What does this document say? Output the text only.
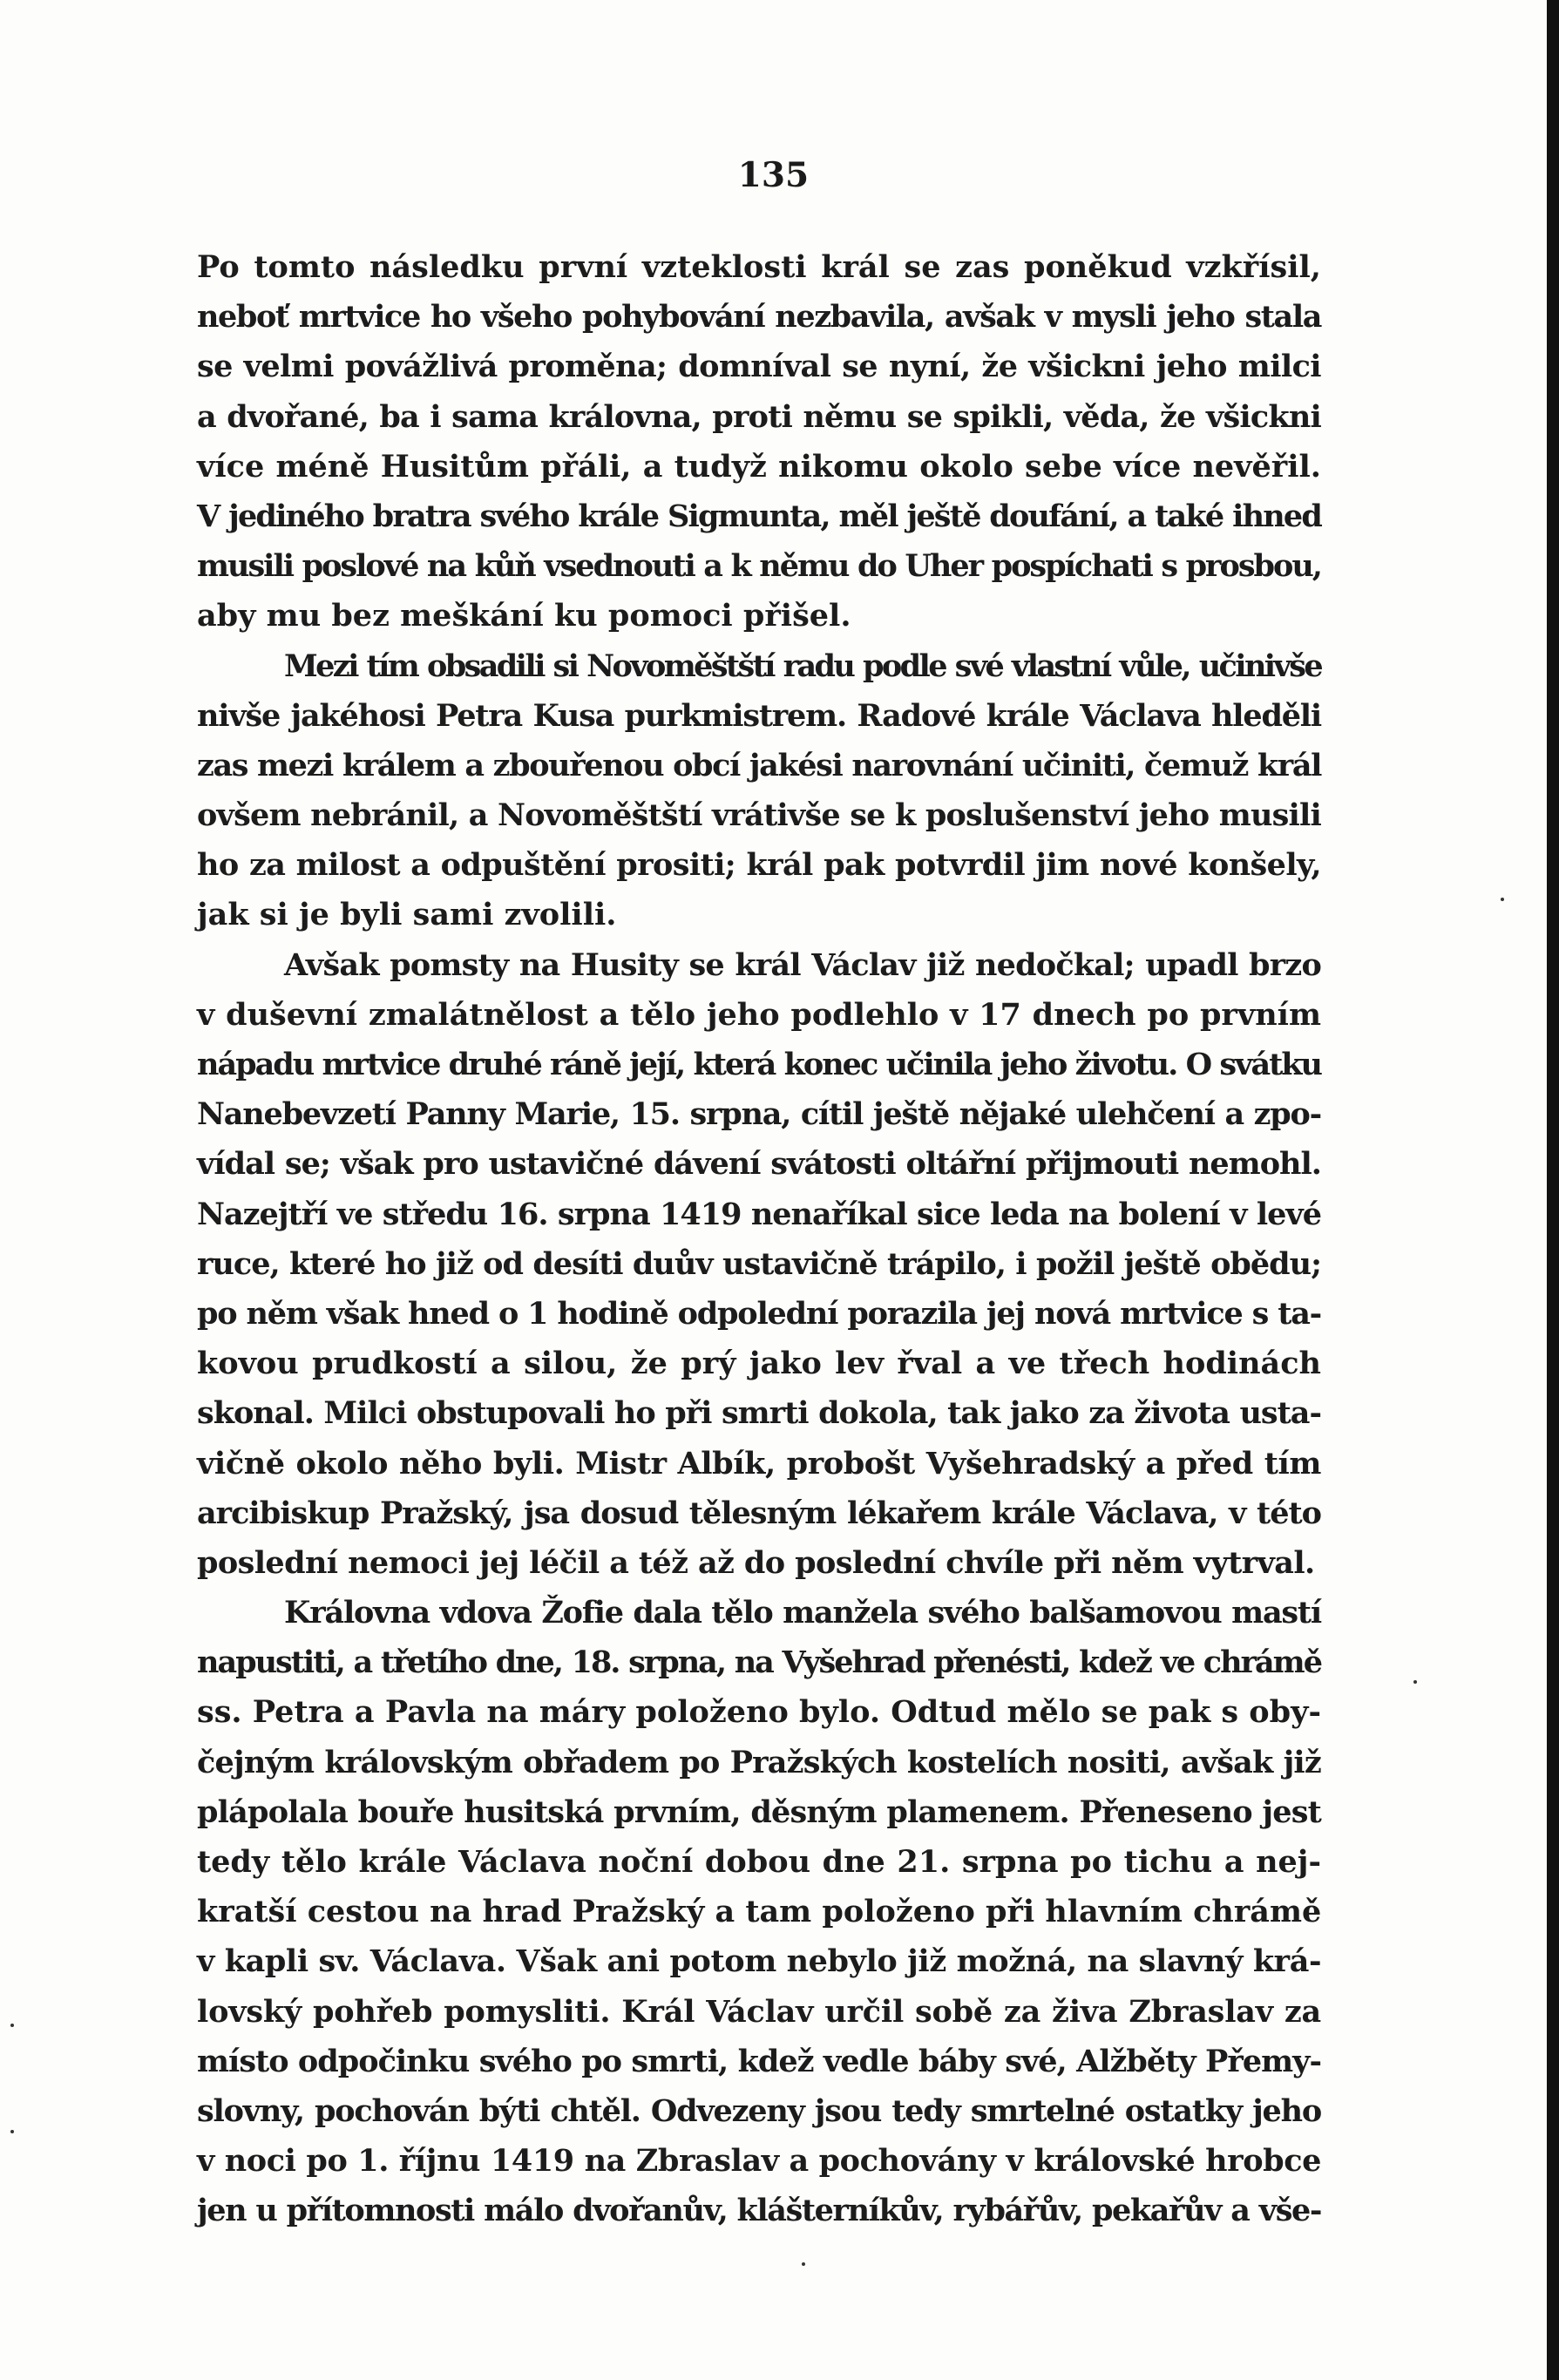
135
Po tomto následku první vzteklosti král se zas poněkud vzkřísil,
neboť mrtvice ho všeho pohybování nezbavila, avšak v mysli jeho stala
se velmi povážlivá proměna; domníval se nyní, že všickni jeho milci
a dvořané, ba i sama královna, proti němu se spikli, věda, že všickni
více méně Husitům přáli, a tudyž nikomu okolo sebe více nevěřil.
V jediného bratra svého krále Sigmunta, měl ještě doufání, a také ihned
musili poslové na kůň vsednouti a k němu do Uher pospíchati s prosbou,
aby mu bez meškání ku pomoci přišel.
Mezi tím obsadili si Novoměštští radu podle své vlastní vůle, učinivše
nivše jakéhosi Petra Kusa purkmistrem. Radové krále Václava hleděli
zas mezi králem a zbouřenou obcí jakési narovnání učiniti, čemuž král
ovšem nebránil, a Novoměštští vrátivše se k poslušenství jeho musili
ho za milost a odpuštění prositi; král pak potvrdil jim nové konšely,
jak si je byli sami zvolili.
Avšak pomsty na Husity se král Václav již nedočkal; upadl brzo
v duševní zmalátnělost a tělo jeho podlehlo v 17 dnech po prvním
nápadu mrtvice druhé ráně její, která konec učinila jeho životu. O svátku
Nanebevzetí Panny Marie, 15. srpna, cítil ještě nějaké ulehčení a zpo-
vídal se; však pro ustavičné dávení svátosti oltářní přijmouti nemohl.
Nazejtří ve středu 16. srpna 1419 nenaříkal sice leda na bolení v levé
ruce, které ho již od desíti duův ustavičně trápilo, i požil ještě obědu;
po něm však hned o 1 hodině odpolední porazila jej nová mrtvice s ta-
kovou prudkostí a silou, že prý jako lev řval a ve třech hodinách
skonal. Milci obstupovali ho při smrti dokola, tak jako za života usta-
vičně okolo něho byli. Mistr Albík, probošt Vyšehradský a před tím
arcibiskup Pražský, jsa dosud tělesným lékařem krále Václava, v této
poslední nemoci jej léčil a též až do poslední chvíle při něm vytrval.
Královna vdova Žofie dala tělo manžela svého balšamovou mastí
napustiti, a třetího dne, 18. srpna, na Vyšehrad přenésti, kdež ve chrámě
ss. Petra a Pavla na máry položeno bylo. Odtud mělo se pak s oby-
čejným královským obřadem po Pražských kostelích nositi, avšak již
plápolala bouře husitská prvním, děsným plamenem. Přeneseno jest
tedy tělo krále Václava noční dobou dne 21. srpna po tichu a nej-
kratší cestou na hrad Pražský a tam položeno při hlavním chrámě
v kapli sv. Václava. Však ani potom nebylo již možná, na slavný krá-
lovský pohřeb pomysliti. Král Václav určil sobě za živa Zbraslav za
místo odpočinku svého po smrti, kdež vedle báby své, Alžběty Přemy-
slovny, pochován býti chtěl. Odvezeny jsou tedy smrtelné ostatky jeho
v noci po 1. říjnu 1419 na Zbraslav a pochovány v královské hrobce
jen u přítomnosti málo dvořanův, klášterníkův, rybářův, pekařův a vše-
